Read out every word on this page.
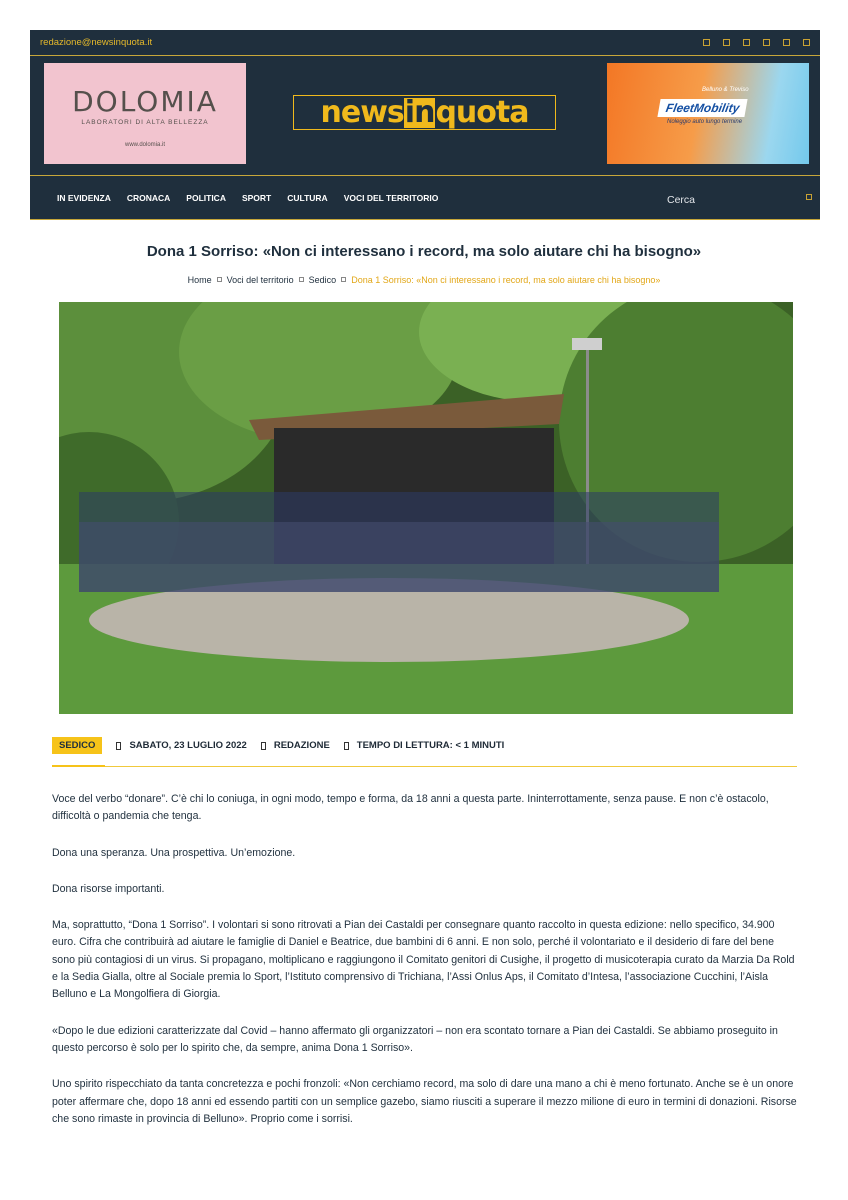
redazione@newsinquota.it
DOLOMIA
LABORATORI DI ALTA BELLEZZA
www.dolomia.it
news in quota
Belluno & Treviso
FleetMobility
Noleggio auto lungo termine
IN EVIDENZA CRONACA POLITICA SPORT CULTURA VOCI DEL TERRITORIO	Cerca
Dona 1 Sorriso: «Non ci interessano i record, ma solo aiutare chi ha bisogno»
Home Voci del territorio Sedico Dona 1 Sorriso: «Non ci interessano i record, ma solo aiutare chi ha bisogno»
SEDICO	SABATO, 23 LUGLIO 2022	REDAZIONE	TEMPO DI LETTURA: < 1 MINUTI

Voce del verbo “donare”. C’è chi lo coniuga, in ogni modo, tempo e forma, da 18 anni a questa parte. Ininterrottamente, senza pause. E non c’è ostacolo, difficoltà o pandemia che tenga.

Dona una speranza. Una prospettiva. Un’emozione.

Dona risorse importanti.

Ma, soprattutto, “Dona 1 Sorriso”. I volontari si sono ritrovati a Pian dei Castaldi per consegnare quanto raccolto in questa edizione: nello specifico, 34.900 euro. Cifra che contribuirà ad aiutare le famiglie di Daniel e Beatrice, due bambini di 6 anni. E non solo, perché il volontariato e il desiderio di fare del bene sono più contagiosi di un virus. Si propagano, moltiplicano e raggiungono il Comitato genitori di Cusighe, il progetto di musicoterapia curato da Marzia Da Rold e la Sedia Gialla, oltre al Sociale premia lo Sport, l’Istituto comprensivo di Trichiana, l’Assi Onlus Aps, il Comitato d’Intesa, l’associazione Cucchini, l’Aisla Belluno e La Mongolfiera di Giorgia.

«Dopo le due edizioni caratterizzate dal Covid – hanno affermato gli organizzatori – non era scontato tornare a Pian dei Castaldi. Se abbiamo proseguito in questo percorso è solo per lo spirito che, da sempre, anima Dona 1 Sorriso».

Uno spirito rispecchiato da tanta concretezza e pochi fronzoli: «Non cerchiamo record, ma solo di dare una mano a chi è meno fortunato. Anche se è un onore poter affermare che, dopo 18 anni ed essendo partiti con un semplice gazebo, siamo riusciti a superare il mezzo milione di euro in termini di donazioni. Risorse che sono rimaste in provincia di Belluno». Proprio come i sorrisi.
